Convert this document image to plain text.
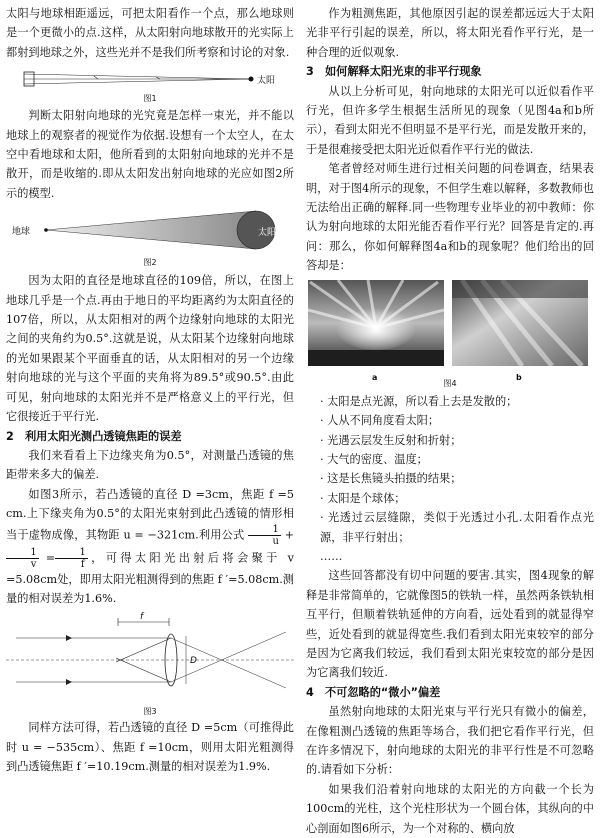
太阳与地球相距遥远，可把太阳看作一个点，那么地球则是一个更微小的点.这样，从太阳射向地球散开的光实际上都射到地球之外，这些光并不是我们所考察和讨论的对象.

太阳
图1

判断太阳射向地球的光究竟是怎样一束光，并不能以地球上的观察者的视觉作为依据.设想有一个太空人，在太空中看地球和太阳，他所看到的太阳射向地球的光并不是散开，而是收缩的.即从太阳发出射向地球的光应如图2所示的模型.

地球	太阳
图2

因为太阳的直径是地球直径的109倍，所以，在图上地球几乎是一个点.再由于地日的平均距离约为太阳直径的107倍，所以，从太阳相对的两个边缘射向地球的太阳光之间的夹角约为0.5°.这就是说，从太阳某个边缘射向地球的光如果跟某个平面垂直的话，从太阳相对的另一个边缘射向地球的光与这个平面的夹角将为89.5°或90.5°.由此可见，射向地球的太阳光并不是严格意义上的平行光，但它很接近于平行光.

2　利用太阳光测凸透镜焦距的误差

我们来看看上下边缘夹角为0.5°，对测量凸透镜的焦距带来多大的偏差.

如图3所示，若凸透镜的直径 D =3cm，焦距 f =5 cm.上下缘夹角为0.5°的太阳光束射到此凸透镜的情形相当于虚物成像，其物距 u = −321cm.利用公式 $\frac{1}{u}$ +
$\frac{1}{v} = \frac{1}{f}$ ，可得太阳光出射后将会聚于 v =5.08cm处，即用太阳光粗测得到的焦距 f ′=5.08cm.测量的相对误差为1.6%.

f
D
图3

同样方法可得，若凸透镜的直径 D =5cm（可推得此时 u = −535cm）、焦距 f =10cm，则用太阳光粗测得到凸透镜焦距 f ′=10.19cm.测量的相对误差为1.9%.

作为粗测焦距，其他原因引起的误差都远远大于太阳光非平行引起的误差，所以，将太阳光看作平行光，是一种合理的近似观象.

3　如何解释太阳光束的非平行现象

从以上分析可见，射向地球的太阳光可以近似看作平行光，但许多学生根据生活所见的现象（见图4a和b所示），看到太阳光不但明显不是平行光，而是发散开来的，于是很难接受把太阳光近似看作平行光的做法.

笔者曾经对师生进行过相关问题的问卷调查，结果表明，对于图4所示的现象，不但学生难以解释，多数教师也无法给出正确的解释.同一些物理专业毕业的初中教师：你认为射向地球的太阳光能否看作平行光？回答是肯定的.再问：那么，你如何解释图4a和b的现象呢？他们给出的回答却是：

a	b
图4

· 太阳是点光源，所以看上去是发散的；

· 人从不同角度看太阳；

· 光遇云层发生反射和折射；

· 大气的密度、温度；

· 这是长焦镜头拍摄的结果；

· 太阳是个球体；

· 光透过云层缝隙，类似于光透过小孔.太阳看作点光源，非平行射出；

……

这些回答都没有切中问题的要害.其实，图4现象的解释是非常简单的，它就像图5的铁轨一样，虽然两条铁轨相互平行，但顺着铁轨延伸的方向看，远处看到的就显得窄些，近处看到的就显得宽些.我们看到太阳光束较窄的部分是因为它离我们较远，我们看到太阳光束较宽的部分是因为它离我们较近.

4　不可忽略的“微小”偏差

虽然射向地球的太阳光束与平行光只有微小的偏差，在像粗测凸透镜的焦距等场合，我们把它看作平行光，但在许多情况下，射向地球的太阳光的非平行性是不可忽略的.请看如下分析：

如果我们沿着射向地球的太阳光的方向截一个长为100cm的光柱，这个光柱形状为一个圆台体，其纵向的中心剖面如图6所示，为一个对称的、横向放
